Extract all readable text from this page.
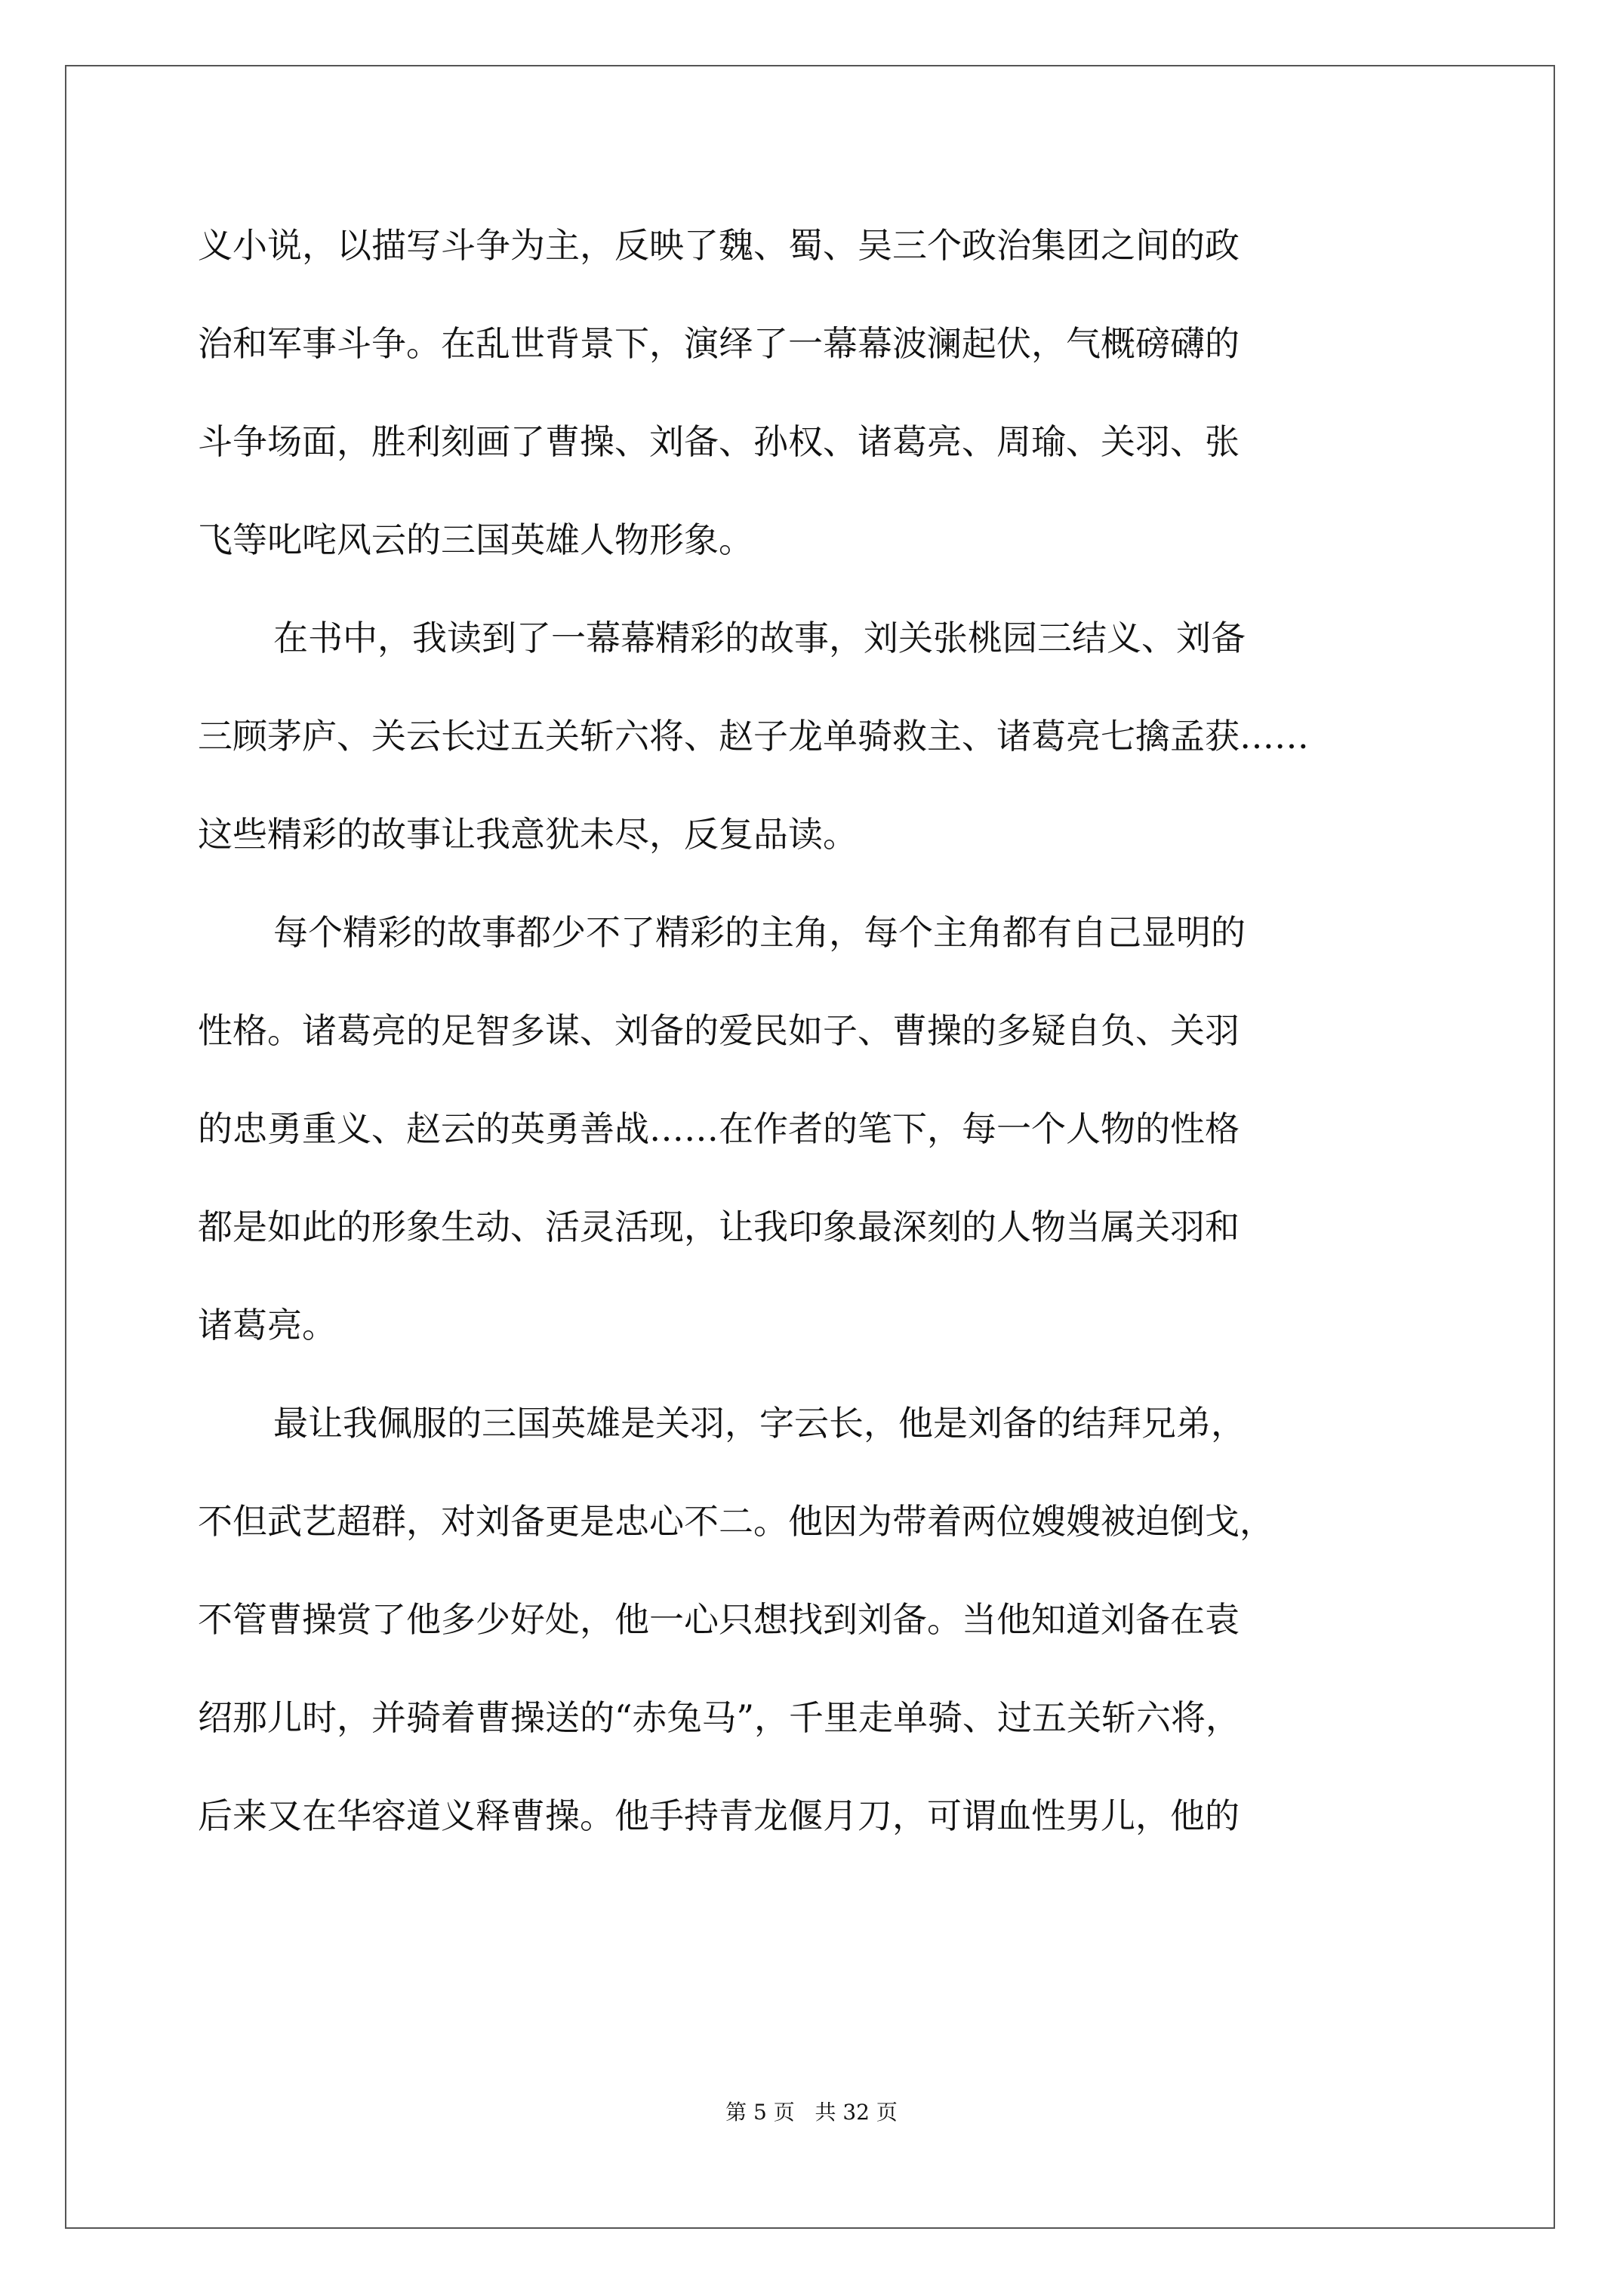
义小说，以描写斗争为主，反映了魏、蜀、吴三个政治集团之间的政
治和军事斗争。在乱世背景下，演绎了一幕幕波澜起伏，气概磅礴的
斗争场面，胜利刻画了曹操、刘备、孙权、诸葛亮、周瑜、关羽、张
飞等叱咤风云的三国英雄人物形象。
在书中，我读到了一幕幕精彩的故事，刘关张桃园三结义、刘备
三顾茅庐、关云长过五关斩六将、赵子龙单骑救主、诸葛亮七擒孟获……
这些精彩的故事让我意犹未尽，反复品读。
每个精彩的故事都少不了精彩的主角，每个主角都有自己显明的
性格。诸葛亮的足智多谋、刘备的爱民如子、曹操的多疑自负、关羽
的忠勇重义、赵云的英勇善战……在作者的笔下，每一个人物的性格
都是如此的形象生动、活灵活现，让我印象最深刻的人物当属关羽和
诸葛亮。
最让我佩服的三国英雄是关羽，字云长，他是刘备的结拜兄弟，
不但武艺超群，对刘备更是忠心不二。他因为带着两位嫂嫂被迫倒戈，
不管曹操赏了他多少好处，他一心只想找到刘备。当他知道刘备在袁
绍那儿时，并骑着曹操送的“赤兔马”，千里走单骑、过五关斩六将，
后来又在华容道义释曹操。他手持青龙偃月刀，可谓血性男儿，他的
第 5 页 共 32 页
